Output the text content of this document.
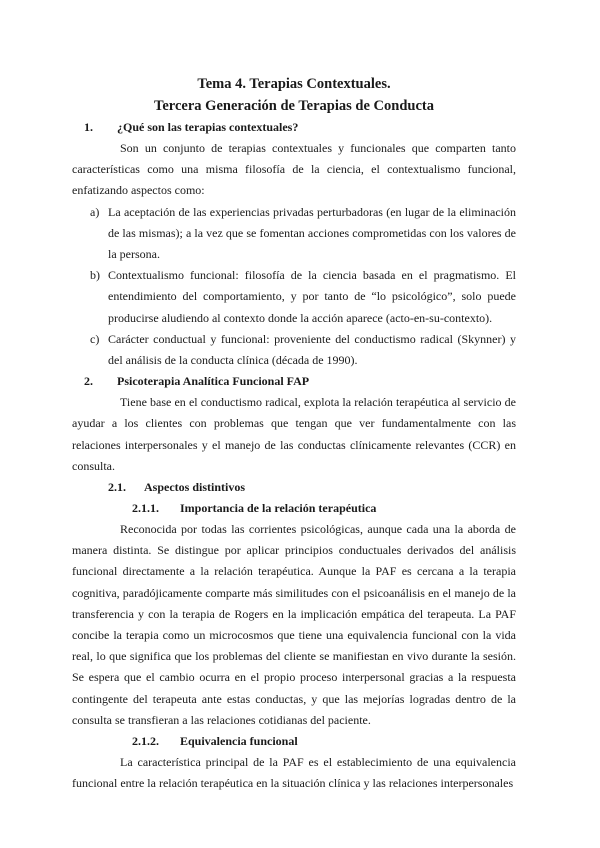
Tema 4. Terapias Contextuales.

Tercera Generación de Terapias de Conducta

1.	¿Qué son las terapias contextuales?

Son un conjunto de terapias contextuales y funcionales que comparten tanto características como una misma filosofía de la ciencia, el contextualismo funcional, enfatizando aspectos como:

a) La aceptación de las experiencias privadas perturbadoras (en lugar de la eliminación de las mismas); a la vez que se fomentan acciones comprometidas con los valores de la persona.
b) Contextualismo funcional: filosofía de la ciencia basada en el pragmatismo. El entendimiento del comportamiento, y por tanto de “lo psicológico”, solo puede producirse aludiendo al contexto donde la acción aparece (acto-en-su-contexto).
c) Carácter conductual y funcional: proveniente del conductismo radical (Skynner) y del análisis de la conducta clínica (década de 1990).
2.	Psicoterapia Analítica Funcional FAP

Tiene base en el conductismo radical, explota la relación terapéutica al servicio de ayudar a los clientes con problemas que tengan que ver fundamentalmente con las relaciones interpersonales y el manejo de las conductas clínicamente relevantes (CCR) en consulta.

2.1.	Aspectos distintivos
2.1.1.	Importancia de la relación terapéutica

Reconocida por todas las corrientes psicológicas, aunque cada una la aborda de manera distinta. Se distingue por aplicar principios conductuales derivados del análisis funcional directamente a la relación terapéutica. Aunque la PAF es cercana a la terapia cognitiva, paradójicamente comparte más similitudes con el psicoanálisis en el manejo de la transferencia y con la terapia de Rogers en la implicación empática del terapeuta. La PAF concibe la terapia como un microcosmos que tiene una equivalencia funcional con la vida real, lo que significa que los problemas del cliente se manifiestan en vivo durante la sesión. Se espera que el cambio ocurra en el propio proceso interpersonal gracias a la respuesta contingente del terapeuta ante estas conductas, y que las mejorías logradas dentro de la consulta se transfieran a las relaciones cotidianas del paciente.

2.1.2.	Equivalencia funcional

La característica principal de la PAF es el establecimiento de una equivalencia funcional entre la relación terapéutica en la situación clínica y las relaciones interpersonales
